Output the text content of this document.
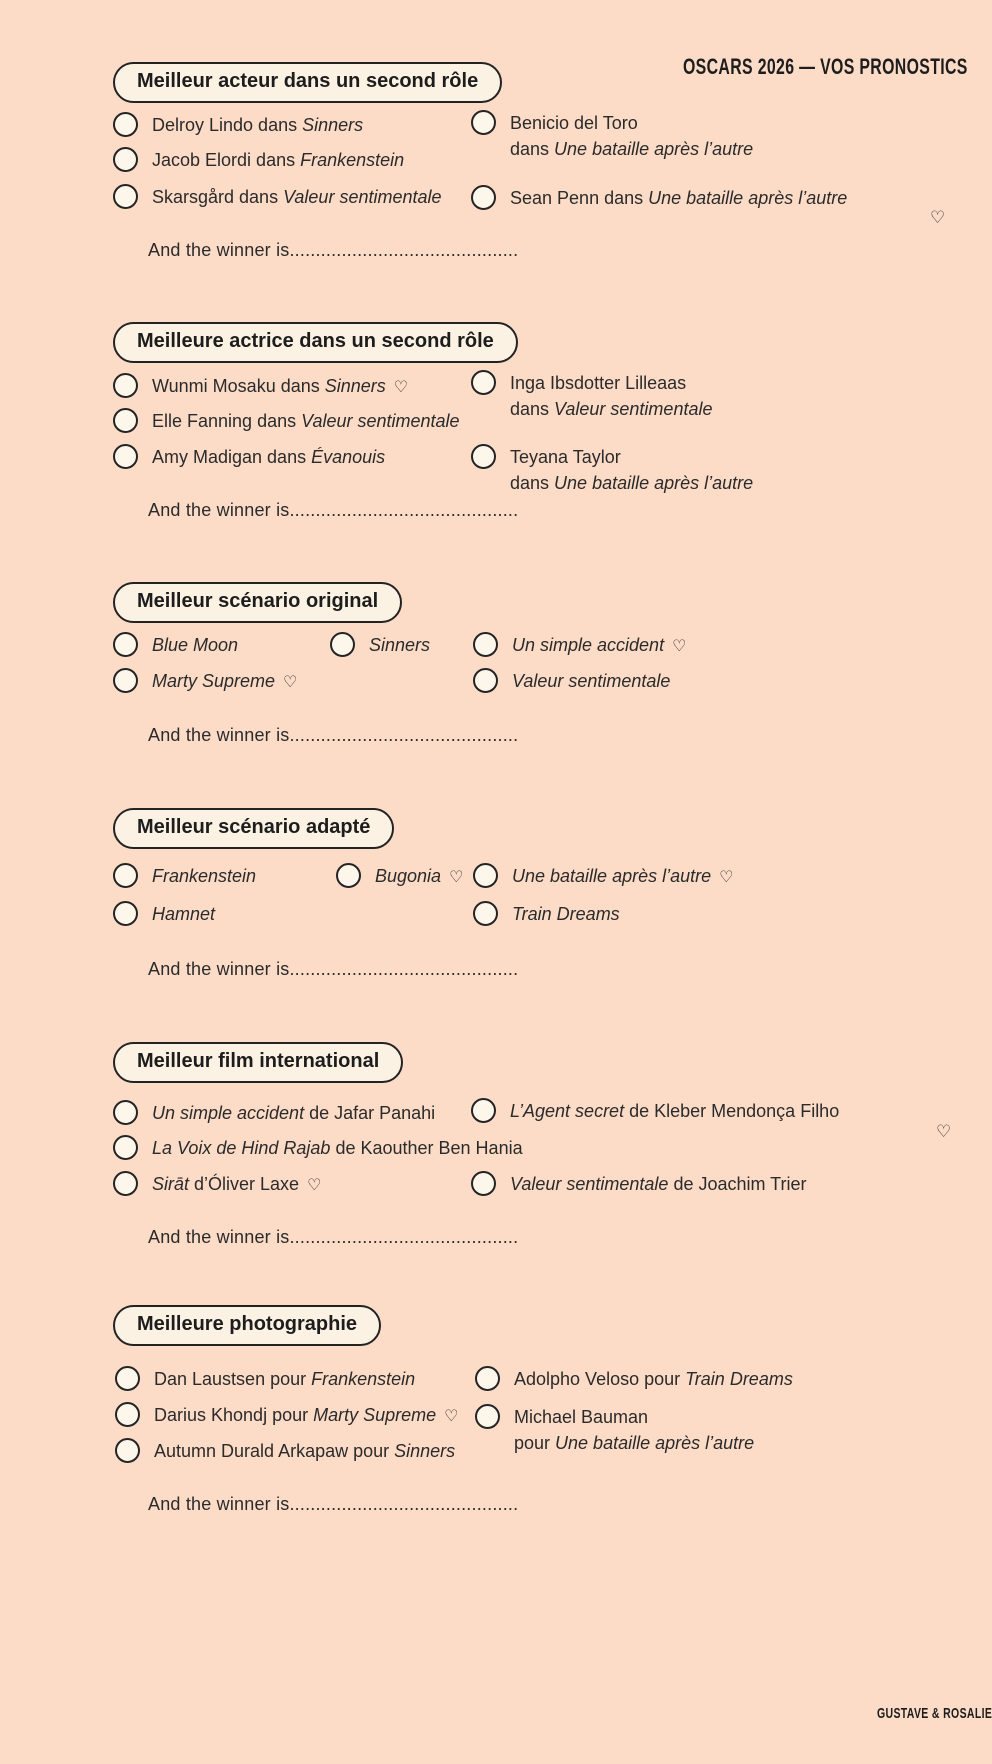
OSCARS 2026 — VOS PRONOSTICS
Meilleur acteur dans un second rôle
Delroy Lindo dans Sinners
Jacob Elordi dans Frankenstein
Skarsgård dans Valeur sentimentale
Benicio del Toro
dans Une bataille après l’autre
Sean Penn dans Une bataille après l’autre
♡
And the winner is............................................
Meilleure actrice dans un second rôle
Wunmi Mosaku dans Sinners ♡
Elle Fanning dans Valeur sentimentale
Amy Madigan dans Évanouis
Inga Ibsdotter Lilleaas
dans Valeur sentimentale
Teyana Taylor
dans Une bataille après l’autre
And the winner is............................................
Meilleur scénario original
Blue Moon	Sinners	Un simple accident ♡
Marty Supreme ♡	Valeur sentimentale
And the winner is............................................
Meilleur scénario adapté
Frankenstein	Bugonia ♡	Une bataille après l’autre ♡
Hamnet	Train Dreams
And the winner is............................................
Meilleur film international
Un simple accident de Jafar Panahi	L’Agent secret de Kleber Mendonça Filho
♡
La Voix de Hind Rajab de Kaouther Ben Hania
Sirāt d’Óliver Laxe ♡	Valeur sentimentale de Joachim Trier
And the winner is............................................
Meilleure photographie
Dan Laustsen pour Frankenstein
Darius Khondj pour Marty Supreme ♡
Autumn Durald Arkapaw pour Sinners
Adolpho Veloso pour Train Dreams
Michael Bauman
pour Une bataille après l’autre
And the winner is............................................
GUSTAVE & ROSALIE
